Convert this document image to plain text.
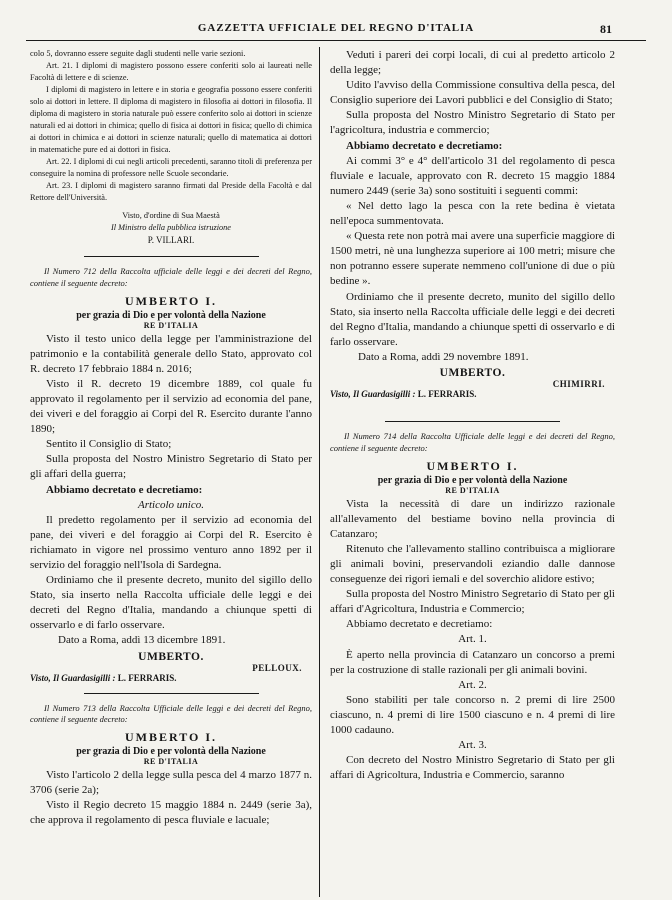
GAZZETTA UFFICIALE DEL REGNO D'ITALIA	81

colo 5, dovranno essere seguite dagli studenti nelle varie sezioni.

Art. 21. I diplomi di magistero possono essere conferiti solo ai laureati nelle Facoltà di lettere e di scienze.

I diplomi di magistero in lettere e in storia e geografia possono essere conferiti solo ai dottori in lettere. Il diploma di magistero in filosofia ai dottori in filosofia. Il diploma di magistero in storia naturale può essere conferito solo ai dottori in scienze naturali ed ai dottori in chimica; quello di fisica ai dottori in fisica; quello di chimica ai dottori in chimica e ai dottori in scienze naturali; quello di matematica ai dottori in matematiche pure ed ai dottori in fisica.

Art. 22. I diplomi di cui negli articoli precedenti, saranno titoli di preferenza per conseguire la nomina di professore nelle Scuole secondarie.

Art. 23. I diplomi di magistero saranno firmati dal Preside della Facoltà e dal Rettore dell'Università.

Visto, d'ordine di Sua Maestà

Il Ministro della pubblica istruzione

P. VILLARI.

Il Numero 712 della Raccolta ufficiale delle leggi e dei decreti del Regno, contiene il seguente decreto:

UMBERTO I.

per grazia di Dio e per volontà della Nazione

RE D'ITALIA

Visto il testo unico della legge per l'amministrazione del patrimonio e la contabilità generale dello Stato, approvato col R. decreto 17 febbraio 1884 n. 2016;

Visto il R. decreto 19 dicembre 1889, col quale fu approvato il regolamento per il servizio ad economia del pane, dei viveri e del foraggio ai Corpi del R. Esercito durante l'anno 1890;

Sentito il Consiglio di Stato;

Sulla proposta del Nostro Ministro Segretario di Stato per gli affari della guerra;

Abbiamo decretato e decretiamo:

Articolo unico.

Il predetto regolamento per il servizio ad economia del pane, dei viveri e del foraggio ai Corpi del R. Esercito è richiamato in vigore nel prossimo venturo anno 1892 per il servizio del foraggio nell'Isola di Sardegna.

Ordiniamo che il presente decreto, munito del sigillo dello Stato, sia inserto nella Raccolta ufficiale delle leggi e dei decreti del Regno d'Italia, mandando a chiunque spetti di osservarlo e di farlo osservare.

Dato a Roma, addì 13 dicembre 1891.

UMBERTO.

PELLOUX.

Visto, Il Guardasigilli : L. FERRARIS.

Il Numero 713 della Raccolta Ufficiale delle leggi e dei decreti del Regno, contiene il seguente decreto:

UMBERTO I.

per grazia di Dio e per volontà della Nazione

RE D'ITALIA

Visto l'articolo 2 della legge sulla pesca del 4 marzo 1877 n. 3706 (serie 2a);

Visto il Regio decreto 15 maggio 1884 n. 2449 (serie 3a), che approva il regolamento di pesca fluviale e lacuale;

Veduti i pareri dei corpi locali, di cui al predetto articolo 2 della legge;

Udito l'avviso della Commissione consultiva della pesca, del Consiglio superiore dei Lavori pubblici e del Consiglio di Stato;

Sulla proposta del Nostro Ministro Segretario di Stato per l'agricoltura, industria e commercio;

Abbiamo decretato e decretiamo:

Ai commi 3° e 4° dell'articolo 31 del regolamento di pesca fluviale e lacuale, approvato con R. decreto 15 maggio 1884 numero 2449 (serie 3a) sono sostituiti i seguenti commi:

« Nel detto lago la pesca con la rete bedina è vietata nell'epoca summentovata.

« Questa rete non potrà mai avere una superficie maggiore di 1500 metri, nè una lunghezza superiore ai 100 metri; misure che non potranno essere superate nemmeno coll'unione di due o più bedine ».

Ordiniamo che il presente decreto, munito del sigillo dello Stato, sia inserto nella Raccolta ufficiale delle leggi e dei decreti del Regno d'Italia, mandando a chiunque spetti di osservarlo e di farlo osservare.

Dato a Roma, addì 29 novembre 1891.

UMBERTO.

CHIMIRRI.

Visto, Il Guardasigilli : L. FERRARIS.

Il Numero 714 della Raccolta Ufficiale delle leggi e dei decreti del Regno, contiene il seguente decreto:

UMBERTO I.

per grazia di Dio e per volontà della Nazione

RE D'ITALIA

Vista la necessità di dare un indirizzo razionale all'allevamento del bestiame bovino nella provincia di Catanzaro;

Ritenuto che l'allevamento stallino contribuisca a migliorare gli animali bovini, preservandoli eziandio dalle dannose conseguenze dei rigori iemali e del soverchio alidore estivo;

Sulla proposta del Nostro Ministro Segretario di Stato per gli affari d'Agricoltura, Industria e Commercio;

Abbiamo decretato e decretiamo:

Art. 1.

È aperto nella provincia di Catanzaro un concorso a premi per la costruzione di stalle razionali per gli animali bovini.

Art. 2.

Sono stabiliti per tale concorso n. 2 premi di lire 2500 ciascuno, n. 4 premi di lire 1500 ciascuno e n. 4 premi di lire 1000 cadauno.

Art. 3.

Con decreto del Nostro Ministro Segretario di Stato per gli affari di Agricoltura, Industria e Commercio, saranno
